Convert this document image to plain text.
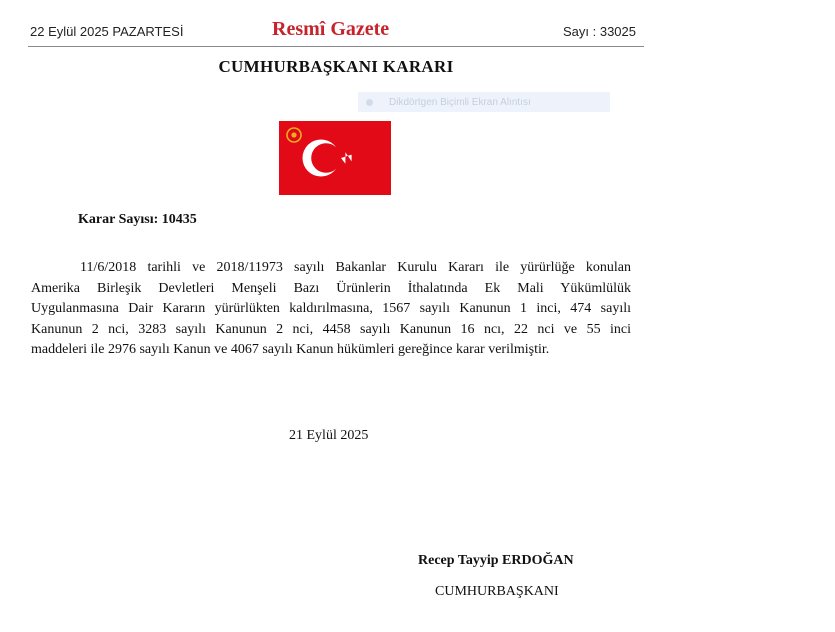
22 Eylül 2025 PAZARTESİ	Resmî Gazete	Sayı : 33025
CUMHURBAŞKANI KARARI
Dikdörtgen Biçimli Ekran Alıntısı
Karar Sayısı: 10435
11/6/2018 tarihli ve 2018/11973 sayılı Bakanlar Kurulu Kararı ile yürürlüğe konulan
Amerika Birleşik Devletleri Menşeli Bazı Ürünlerin İthalatında Ek Mali Yükümlülük
Uygulanmasına Dair Kararın yürürlükten kaldırılmasına, 1567 sayılı Kanunun 1 inci, 474 sayılı
Kanunun 2 nci, 3283 sayılı Kanunun 2 nci, 4458 sayılı Kanunun 16 ncı, 22 nci ve 55 inci
maddeleri ile 2976 sayılı Kanun ve 4067 sayılı Kanun hükümleri gereğince karar verilmiştir.
21 Eylül 2025
Recep Tayyip ERDOĞAN
CUMHURBAŞKANI
